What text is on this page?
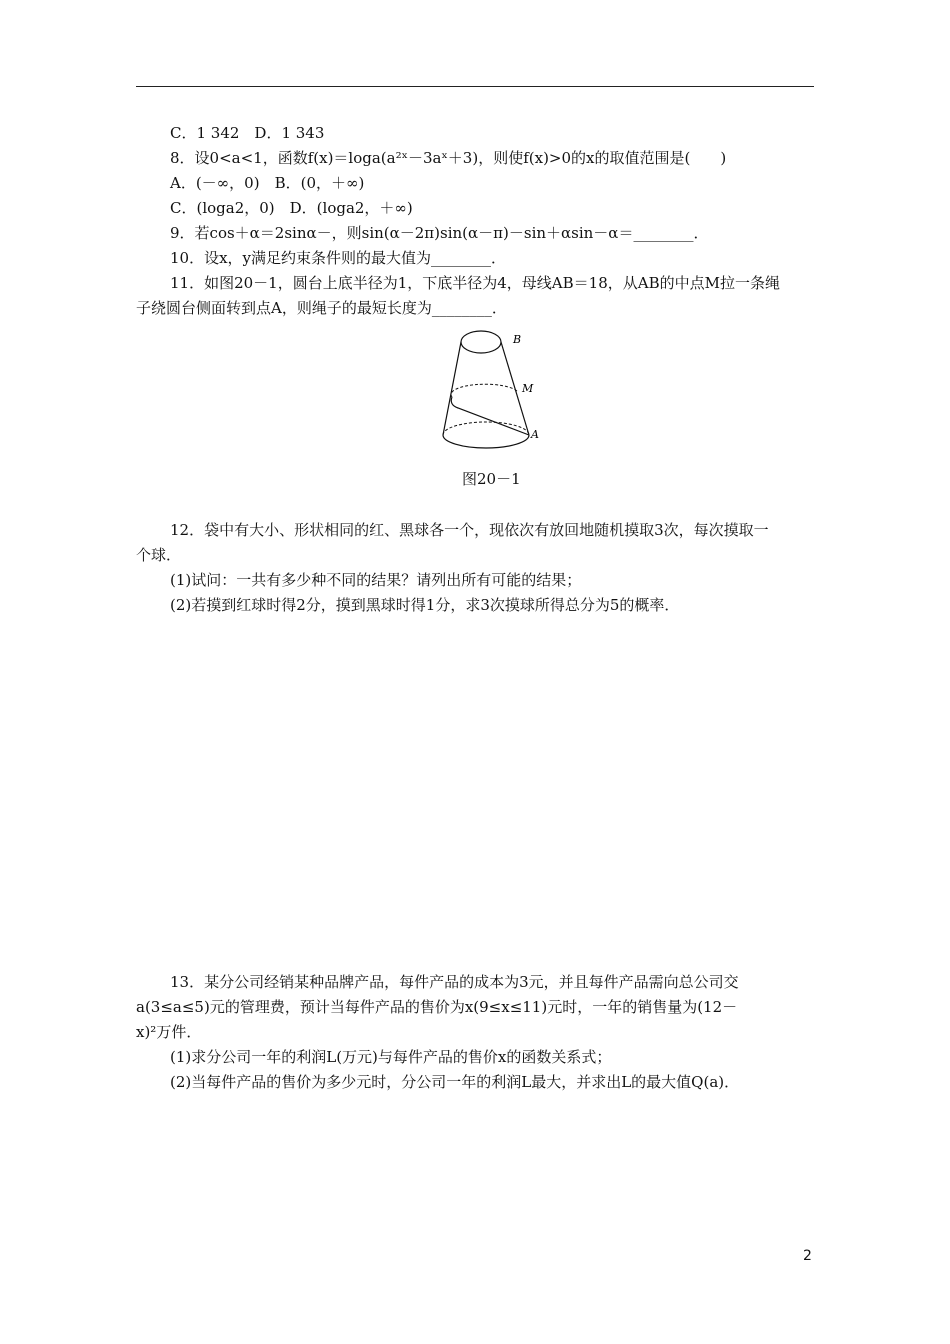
C．1 342　D．1 343
8．设0<a<1，函数f(x)＝loga(a²ˣ－3aˣ＋3)，则使f(x)>0的x的取值范围是(　　)
A．(－∞，0)　B．(0，＋∞)
C．(loga2，0)　D．(loga2，＋∞)
9．若cos＋α＝2sinα－，则sin(α－2π)sin(α－π)－sin＋αsin－α＝________．
10．设x，y满足约束条件则的最大值为________．
11．如图20－1，圆台上底半径为1，下底半径为4，母线AB＝18，从AB的中点M拉一条绳
子绕圆台侧面转到点A，则绳子的最短长度为________．
B
M
A
图20－1
12．袋中有大小、形状相同的红、黑球各一个，现依次有放回地随机摸取3次，每次摸取一
个球．
(1)试问：一共有多少种不同的结果？请列出所有可能的结果；
(2)若摸到红球时得2分，摸到黑球时得1分，求3次摸球所得总分为5的概率．
13．某分公司经销某种品牌产品，每件产品的成本为3元，并且每件产品需向总公司交
a(3≤a≤5)元的管理费，预计当每件产品的售价为x(9≤x≤11)元时，一年的销售量为(12－
x)²万件．
(1)求分公司一年的利润L(万元)与每件产品的售价x的函数关系式；
(2)当每件产品的售价为多少元时，分公司一年的利润L最大，并求出L的最大值Q(a)．
2
